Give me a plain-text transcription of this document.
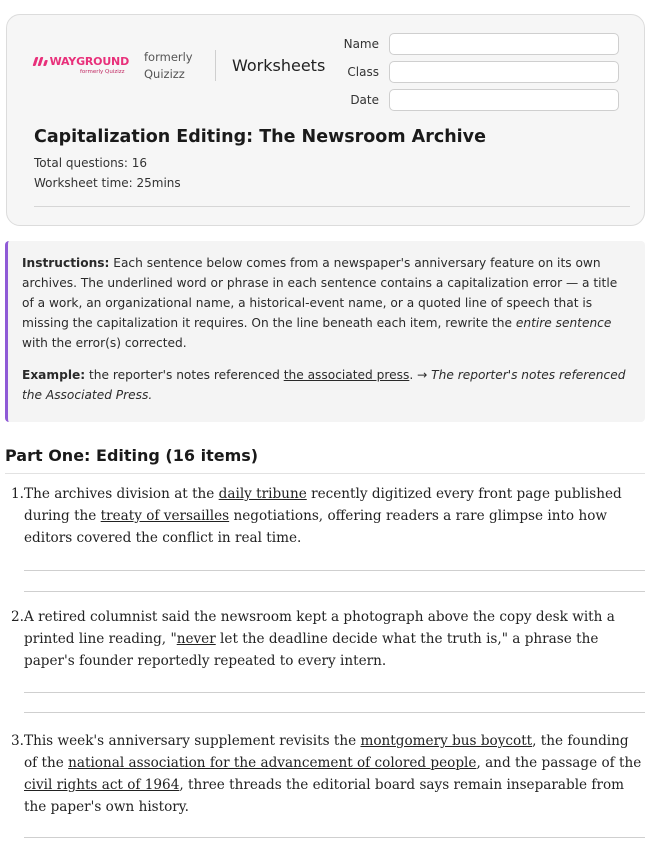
WAYGROUND
formerly Quizizz
formerly
Quizizz	Worksheets
Name
Class
Date
Capitalization Editing: The Newsroom Archive
Total questions: 16
Worksheet time: 25mins
Instructions: Each sentence below comes from a newspaper's anniversary feature on its own archives. The underlined word or phrase in each sentence contains a capitalization error — a title of a work, an organizational name, a historical-event name, or a quoted line of speech that is missing the capitalization it requires. On the line beneath each item, rewrite the entire sentence with the error(s) corrected.
Example: the reporter's notes referenced the associated press. → The reporter's notes referenced the Associated Press.
Part One: Editing (16 items)
1. The archives division at the daily tribune recently digitized every front page published during the treaty of versailles negotiations, offering readers a rare glimpse into how editors covered the conflict in real time.
2. A retired columnist said the newsroom kept a photograph above the copy desk with a printed line reading, "never let the deadline decide what the truth is," a phrase the paper's founder reportedly repeated to every intern.
3. This week's anniversary supplement revisits the montgomery bus boycott, the founding of the national association for the advancement of colored people, and the passage of the civil rights act of 1964, three threads the editorial board says remain inseparable from the paper's own history.
